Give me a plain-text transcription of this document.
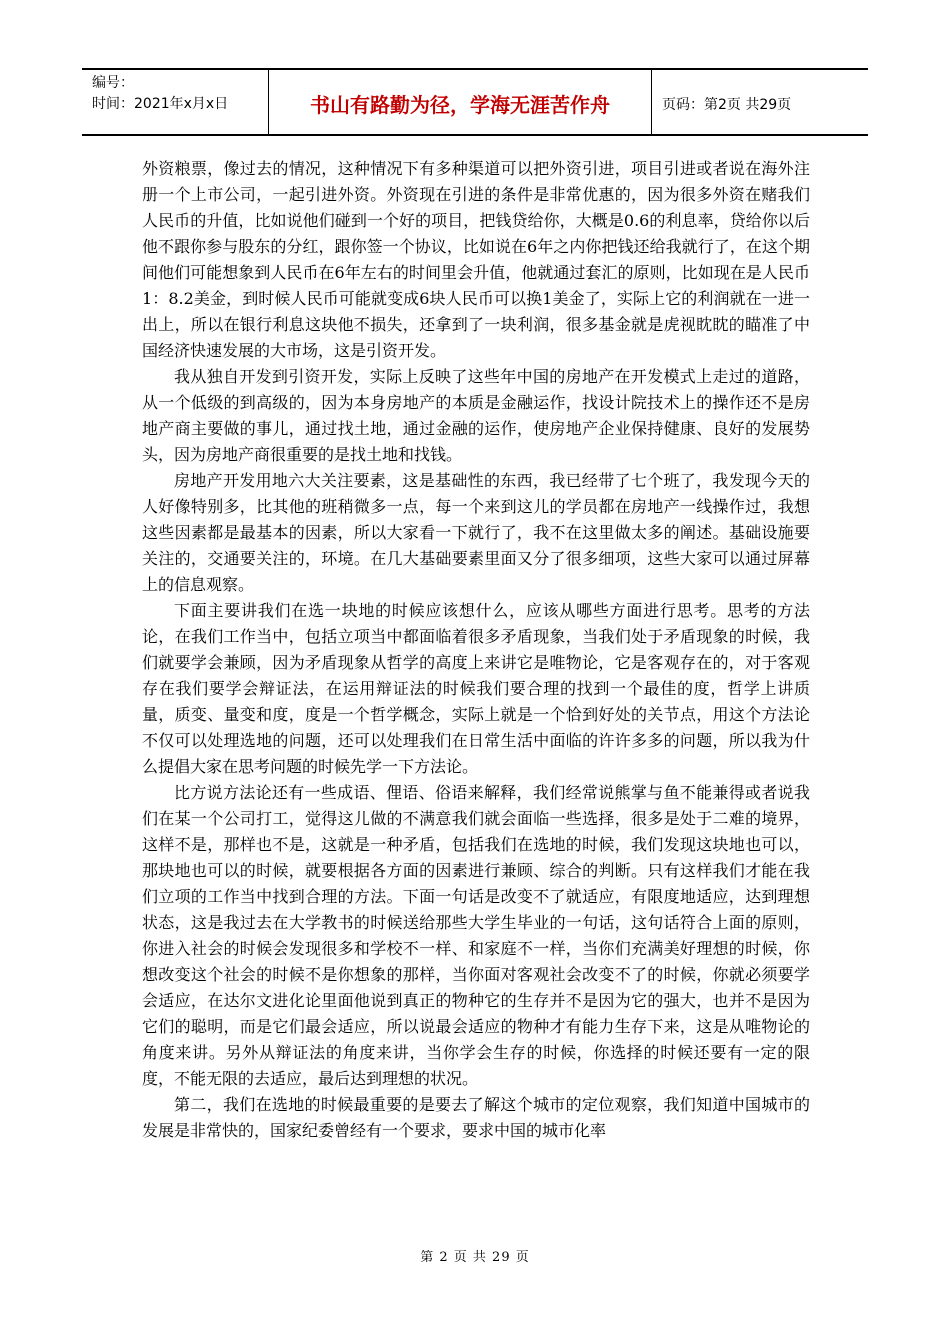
编号：
时间：2021年x月x日	书山有路勤为径，学海无涯苦作舟	页码：第2页 共29页

外资粮票，像过去的情况，这种情况下有多种渠道可以把外资引进，项目引进或者说在海外注册一个上市公司，一起引进外资。外资现在引进的条件是非常优惠的，因为很多外资在赌我们人民币的升值，比如说他们碰到一个好的项目，把钱贷给你，大概是0.6的利息率，贷给你以后他不跟你参与股东的分红，跟你签一个协议，比如说在6年之内你把钱还给我就行了，在这个期间他们可能想象到人民币在6年左右的时间里会升值，他就通过套汇的原则，比如现在是人民币1：8.2美金，到时候人民币可能就变成6块人民币可以换1美金了，实际上它的利润就在一进一出上，所以在银行利息这块他不损失，还拿到了一块利润，很多基金就是虎视眈眈的瞄准了中国经济快速发展的大市场，这是引资开发。

我从独自开发到引资开发，实际上反映了这些年中国的房地产在开发模式上走过的道路，从一个低级的到高级的，因为本身房地产的本质是金融运作，找设计院技术上的操作还不是房地产商主要做的事儿，通过找土地，通过金融的运作，使房地产企业保持健康、良好的发展势头，因为房地产商很重要的是找土地和找钱。

房地产开发用地六大关注要素，这是基础性的东西，我已经带了七个班了，我发现今天的人好像特别多，比其他的班稍微多一点，每一个来到这儿的学员都在房地产一线操作过，我想这些因素都是最基本的因素，所以大家看一下就行了，我不在这里做太多的阐述。基础设施要关注的，交通要关注的，环境。在几大基础要素里面又分了很多细项，这些大家可以通过屏幕上的信息观察。

下面主要讲我们在选一块地的时候应该想什么，应该从哪些方面进行思考。思考的方法论，在我们工作当中，包括立项当中都面临着很多矛盾现象，当我们处于矛盾现象的时候，我们就要学会兼顾，因为矛盾现象从哲学的高度上来讲它是唯物论，它是客观存在的，对于客观存在我们要学会辩证法，在运用辩证法的时候我们要合理的找到一个最佳的度，哲学上讲质量，质变、量变和度，度是一个哲学概念，实际上就是一个恰到好处的关节点，用这个方法论不仅可以处理选地的问题，还可以处理我们在日常生活中面临的许许多多的问题，所以我为什么提倡大家在思考问题的时候先学一下方法论。

比方说方法论还有一些成语、俚语、俗语来解释，我们经常说熊掌与鱼不能兼得或者说我们在某一个公司打工，觉得这儿做的不满意我们就会面临一些选择，很多是处于二难的境界，这样不是，那样也不是，这就是一种矛盾，包括我们在选地的时候，我们发现这块地也可以，那块地也可以的时候，就要根据各方面的因素进行兼顾、综合的判断。只有这样我们才能在我们立项的工作当中找到合理的方法。下面一句话是改变不了就适应，有限度地适应，达到理想状态，这是我过去在大学教书的时候送给那些大学生毕业的一句话，这句话符合上面的原则，你进入社会的时候会发现很多和学校不一样、和家庭不一样，当你们充满美好理想的时候，你想改变这个社会的时候不是你想象的那样，当你面对客观社会改变不了的时候，你就必须要学会适应，在达尔文进化论里面他说到真正的物种它的生存并不是因为它的强大，也并不是因为它们的聪明，而是它们最会适应，所以说最会适应的物种才有能力生存下来，这是从唯物论的角度来讲。另外从辩证法的角度来讲，当你学会生存的时候，你选择的时候还要有一定的限度，不能无限的去适应，最后达到理想的状况。

第二，我们在选地的时候最重要的是要去了解这个城市的定位观察，我们知道中国城市的发展是非常快的，国家纪委曾经有一个要求，要求中国的城市化率

第 2 页 共 29 页
